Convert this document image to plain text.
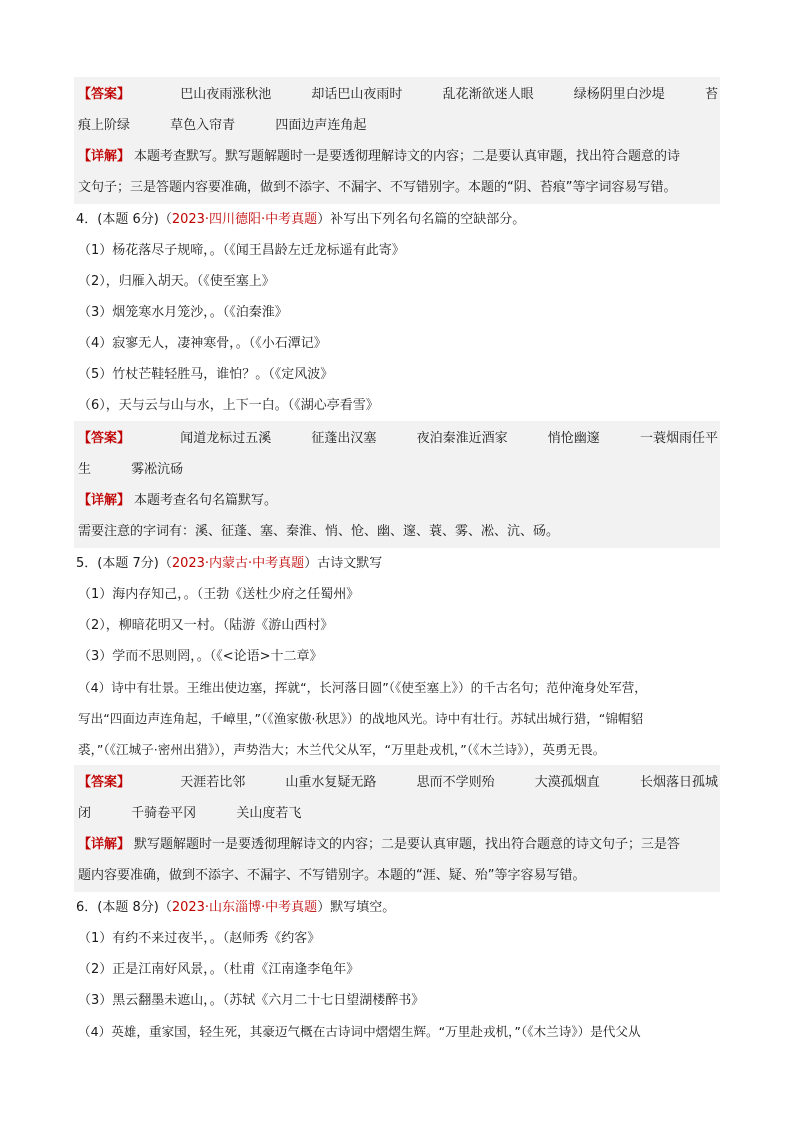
【答案】	巴山夜雨涨秋池	却话巴山夜雨时	乱花渐欲迷人眼	绿杨阴里白沙堤	苔
痕上阶绿	草色入帘青	四面边声连角起
【详解】 本题考查默写。默写题解题时一是要透彻理解诗文的内容；二是要认真审题，找出符合题意的诗
文句子；三是答题内容要准确，做到不添字、不漏字、不写错别字。本题的“阴、苔痕”等字词容易写错。
4．(本题 6分)（2023·四川德阳·中考真题）补写出下列名句名篇的空缺部分。
（1）杨花落尽子规啼，。（《闻王昌龄左迁龙标遥有此寄》
（2），归雁入胡天。（《使至塞上》
（3）烟笼寒水月笼沙，。（《泊秦淮》
（4）寂寥无人，凄神寒骨，。（《小石潭记》
（5）竹杖芒鞋轻胜马，谁怕？。（《定风波》
（6），天与云与山与水，上下一白。（《湖心亭看雪》
【答案】	闻道龙标过五溪	征蓬出汉塞	夜泊秦淮近酒家	悄怆幽邃	一蓑烟雨任平
生	雾凇沆砀
【详解】 本题考查名句名篇默写。
需要注意的字词有：溪、征蓬、塞、秦淮、悄、怆、幽、邃、蓑、雾、凇、沆、砀。
5．(本题 7分)（2023·内蒙古·中考真题）古诗文默写
（1）海内存知己，。（王勃《送杜少府之任蜀州》
（2），柳暗花明又一村。（陆游《游山西村》
（3）学而不思则罔，。（《<论语>十二章》
（4）诗中有壮景。王维出使边塞，挥就“，长河落日圆”（《使至塞上》）的千古名句；范仲淹身处军营，
写出“四面边声连角起，千嶂里，”（《渔家傲·秋思》）的战地风光。诗中有壮行。苏轼出城行猎，“锦帽貂
裘，”（《江城子·密州出猎》），声势浩大；木兰代父从军，“万里赴戎机，”（《木兰诗》），英勇无畏。
【答案】	天涯若比邻	山重水复疑无路	思而不学则殆	大漠孤烟直	长烟落日孤城
闭	千骑卷平冈	关山度若飞
【详解】 默写题解题时一是要透彻理解诗文的内容；二是要认真审题，找出符合题意的诗文句子；三是答
题内容要准确，做到不添字、不漏字、不写错别字。本题的“涯、疑、殆”等字容易写错。
6．(本题 8分)（2023·山东淄博·中考真题）默写填空。
（1）有约不来过夜半，。（赵师秀《约客》
（2）正是江南好风景，。（杜甫《江南逢李龟年》
（3）黑云翻墨未遮山，。（苏轼《六月二十七日望湖楼醉书》
（4）英雄，重家国，轻生死，其豪迈气概在古诗词中熠熠生辉。“万里赴戎机，”（《木兰诗》）是代父从
